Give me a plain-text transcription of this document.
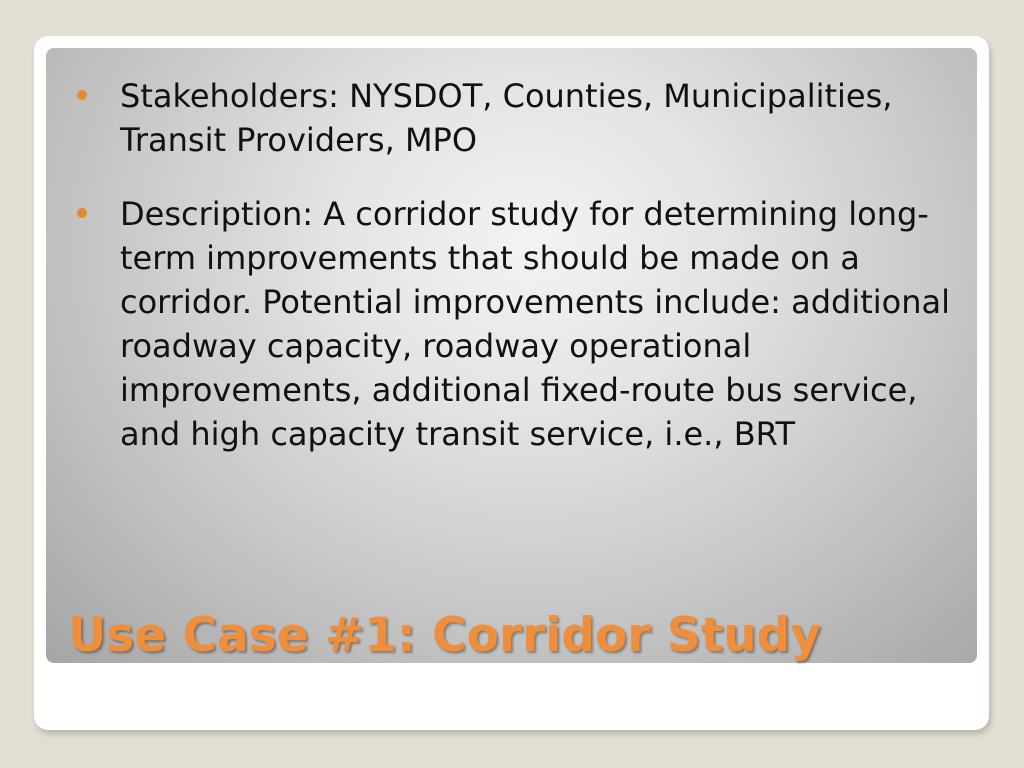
Stakeholders: NYSDOT, Counties, Municipalities, Transit Providers, MPO
Description: A corridor study for determining long-term improvements that should be made on a corridor. Potential improvements include: additional roadway capacity, roadway operational improvements, additional fixed-route bus service, and high capacity transit service, i.e., BRT
Use Case #1: Corridor Study
